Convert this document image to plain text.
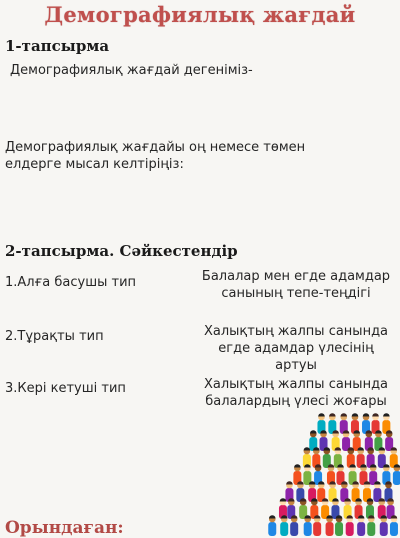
Демографиялық жағдай
1-тапсырма
Демографиялық жағдай дегеніміз-
Демографиялық жағдайы оң немесе төмен
елдерге мысал келтіріңіз:
2-тапсырма. Сәйкестендір
1.Алға басушы тип
2.Тұрақты тип
3.Кері кетуші тип
Балалар мен егде адамдар
санының тепе-теңдігі
Халықтың жалпы санында
егде адамдар үлесінің артуы
Халықтың жалпы санында
балалардың үлесі жоғары
Орындаған:
